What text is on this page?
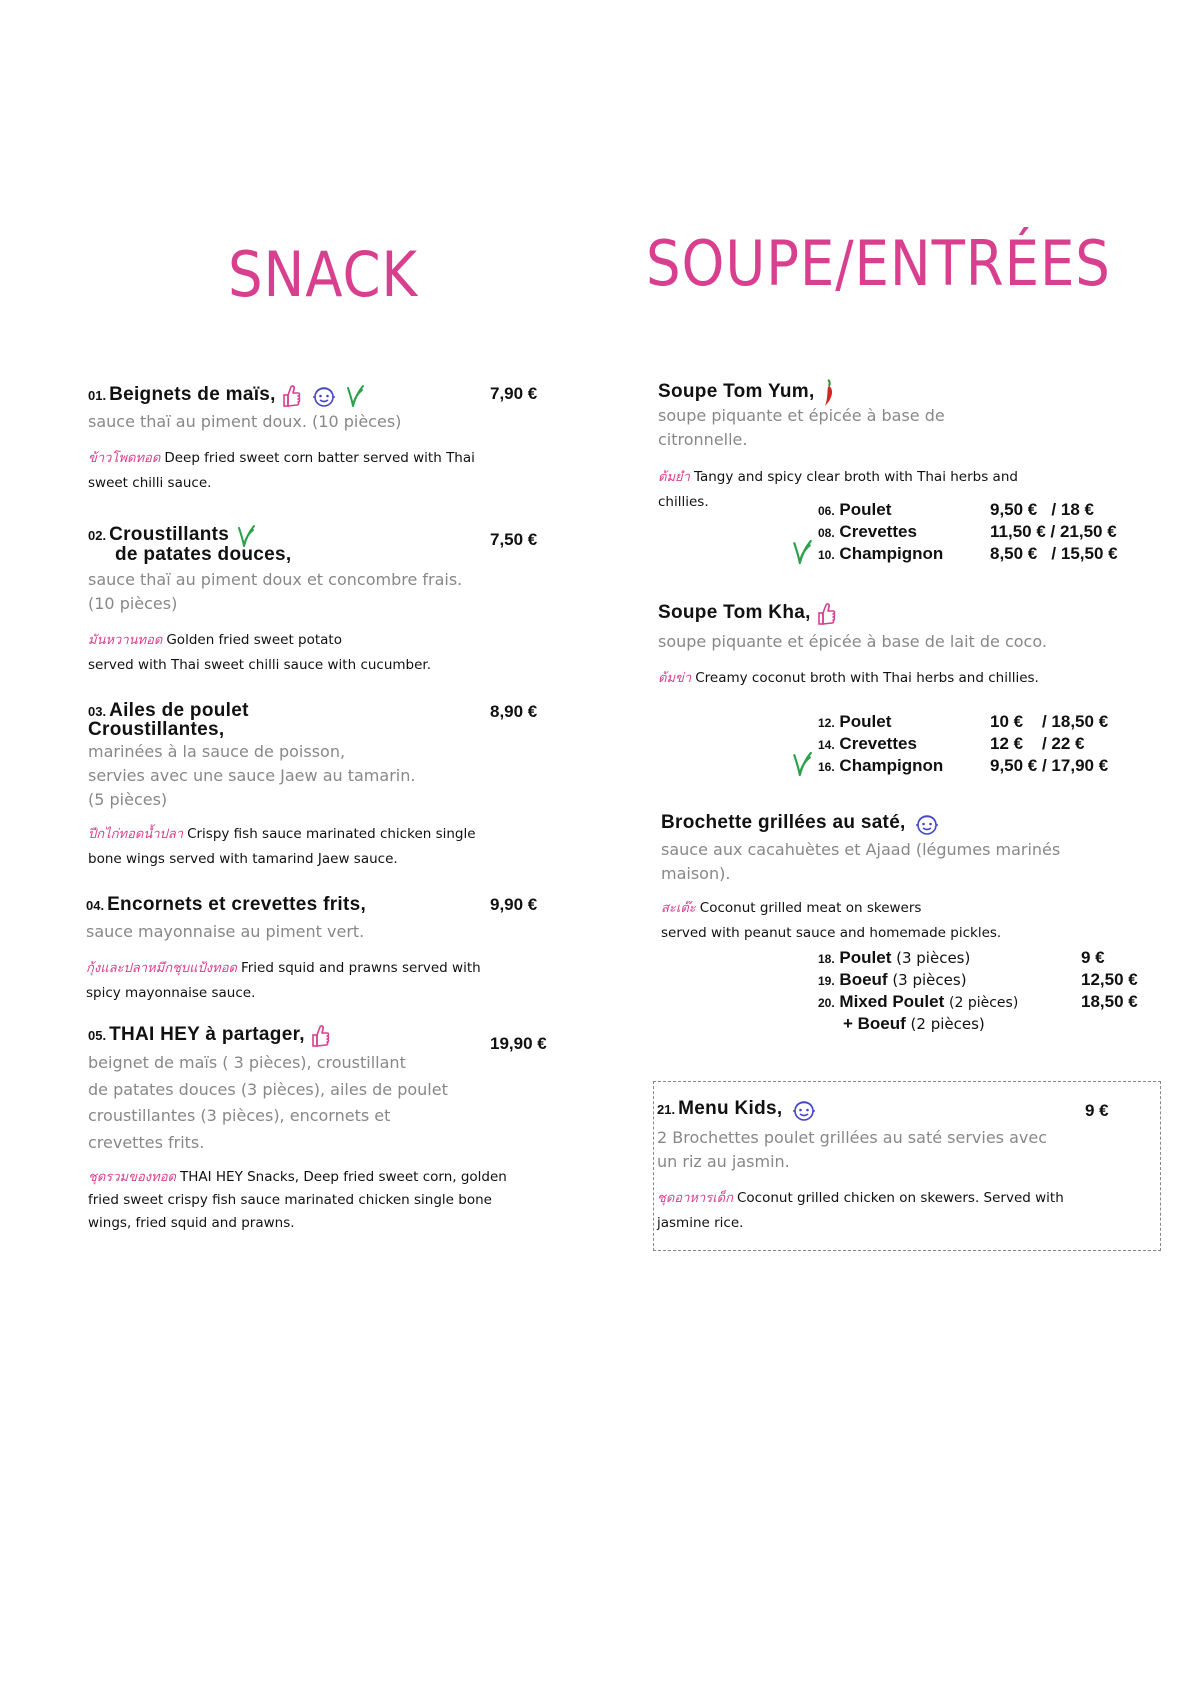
SNACK	SOUPE/ENTRÉES
01. Beignets de maïs,	7,90 €
sauce thaï au piment doux. (10 pièces)
ข้าวโพดทอด Deep fried sweet corn batter served with Thai
sweet chilli sauce.
02. Croustillants
de patates douces,
7,50 €
sauce thaï au piment doux et concombre frais.
(10 pièces)
มันหวานทอด Golden fried sweet potato
served with Thai sweet chilli sauce with cucumber.
03. Ailes de poulet
Croustillantes,
8,90 €
marinées à la sauce de poisson,
servies avec une sauce Jaew au tamarin.
(5 pièces)
ปีกไก่ทอดน้ำปลา Crispy fish sauce marinated chicken single
bone wings served with tamarind Jaew sauce.
04. Encornets et crevettes frits,	9,90 €
sauce mayonnaise au piment vert.
กุ้งและปลาหมึกชุบแป้งทอด Fried squid and prawns served with
spicy mayonnaise sauce.
05. THAI HEY à partager,	19,90 €
beignet de maïs ( 3 pièces), croustillant
de patates douces (3 pièces), ailes de poulet
croustillantes (3 pièces), encornets et
crevettes frits.
ชุดรวมของทอด THAI HEY Snacks, Deep fried sweet corn, golden
fried sweet crispy fish sauce marinated chicken single bone
wings, fried squid and prawns.
Soupe Tom Yum,
soupe piquante et épicée à base de
citronnelle.
ต้มยำ Tangy and spicy clear broth with Thai herbs and
chillies.
06. Poulet	9,50 €   / 18 €
08. Crevettes	11,50 € / 21,50 €
10. Champignon	8,50 €   / 15,50 €
Soupe Tom Kha,
soupe piquante et épicée à base de lait de coco.
ต้มข่า Creamy coconut broth with Thai herbs and chillies.
12. Poulet	10 €    / 18,50 €
14. Crevettes	12 €    / 22 €
16. Champignon	9,50 € / 17,90 €
Brochette grillées au saté,
sauce aux cacahuètes et Ajaad (légumes marinés
maison).
สะเต๊ะ Coconut grilled meat on skewers
served with peanut sauce and homemade pickles.
18. Poulet (3 pièces)	9 €
19. Boeuf (3 pièces)	12,50 €
20. Mixed Poulet (2 pièces)	18,50 €
+ Boeuf (2 pièces)
21. Menu Kids,	9 €
2 Brochettes poulet grillées au saté servies avec
un riz au jasmin.
ชุดอาหารเด็ก Coconut grilled chicken on skewers. Served with
jasmine rice.
